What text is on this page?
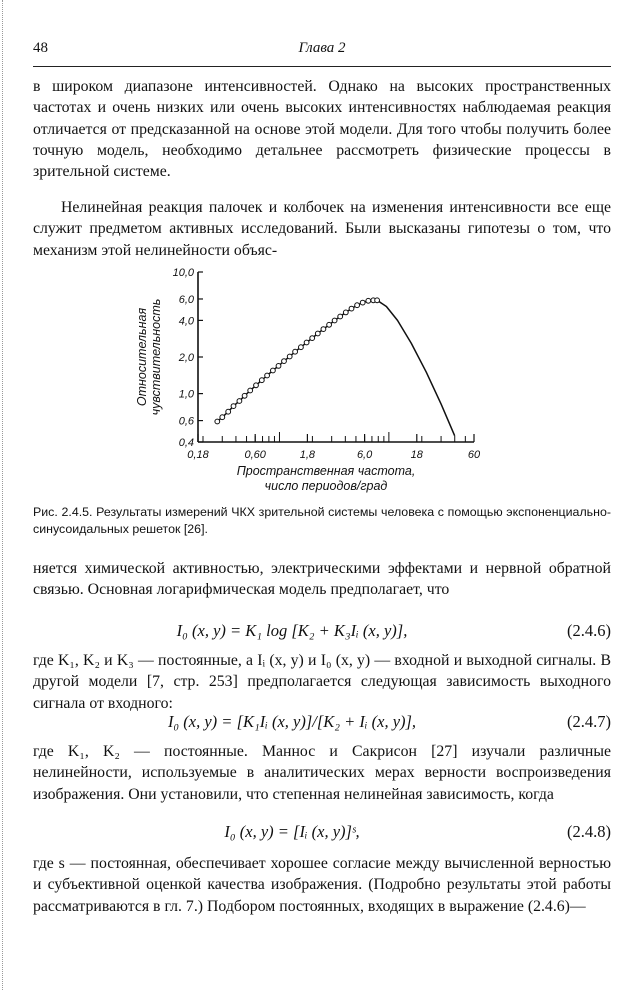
48	Глава 2

в широком диапазоне интенсивностей. Однако на высоких пространственных частотах и очень низких или очень высоких интенсивностях наблюдаемая реакция отличается от предсказанной на основе этой модели. Для того чтобы получить более точную модель, необходимо детальнее рассмотреть физические процессы в зрительной системе.

Нелинейная реакция палочек и колбочек на изменения интенсивности все еще служит предметом активных исследований. Были высказаны гипотезы о том, что механизм этой нелинейности объяс-

0,18	0,60	1,8	6,0	18	60
0,4
0,6
1,0
2,0
4,0
6,0
10,0
Пространственная частота,
число периодов/град
Относительная чувствительность

Рис. 2.4.5. Результаты измерений ЧКХ зрительной системы человека с помощью экспоненциально-синусоидальных решеток [26].

няется химической активностью, электрическими эффектами и нервной обратной связью. Основная логарифмическая модель предполагает, что

I₀ (x, y) = K₁ log [K₂ + K₃Iᵢ (x, y)],	(2.4.6)

где K₁, K₂ и K₃ — постоянные, а Iᵢ (x, y) и I₀ (x, y) — входной и выходной сигналы. В другой модели [7, стр. 253] предполагается следующая зависимость выходного сигнала от входного:

I₀ (x, y) = [K₁Iᵢ (x, y)]/[K₂ + Iᵢ (x, y)],	(2.4.7)

где K₁, K₂ — постоянные. Маннос и Сакрисон [27] изучали различные нелинейности, используемые в аналитических мерах верности воспроизведения изображения. Они установили, что степенная нелинейная зависимость, когда

I₀ (x, y) = [Iᵢ (x, y)]ˢ,	(2.4.8)

где s — постоянная, обеспечивает хорошее согласие между вычисленной верностью и субъективной оценкой качества изображения. (Подробно результаты этой работы рассматриваются в гл. 7.) Подбором постоянных, входящих в выражение (2.4.6)—
